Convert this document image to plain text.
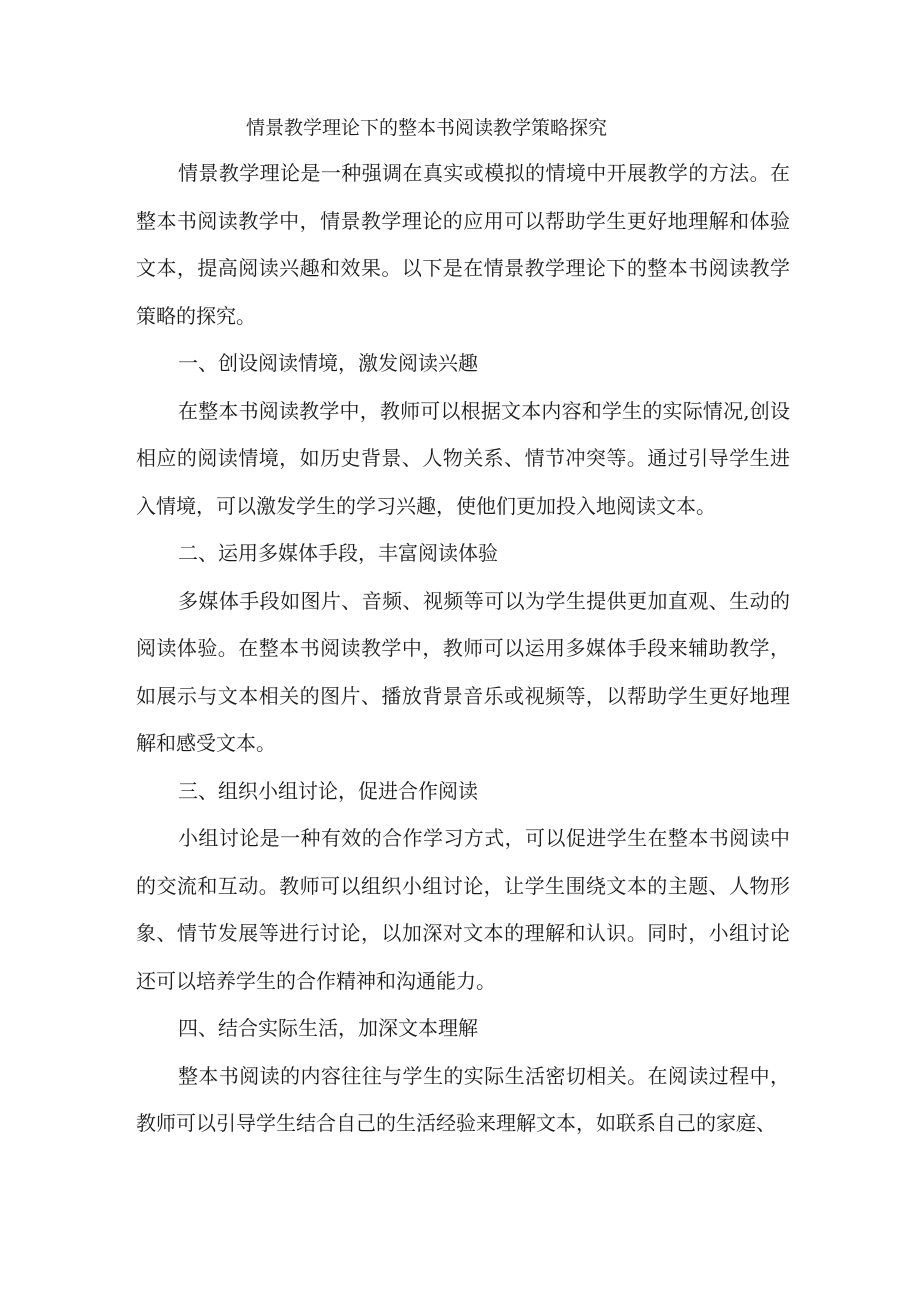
情景教学理论下的整本书阅读教学策略探究

情景教学理论是一种强调在真实或模拟的情境中开展教学的方法。在整本书阅读教学中，情景教学理论的应用可以帮助学生更好地理解和体验文本，提高阅读兴趣和效果。以下是在情景教学理论下的整本书阅读教学策略的探究。

一、创设阅读情境，激发阅读兴趣

在整本书阅读教学中，教师可以根据文本内容和学生的实际情况,创设相应的阅读情境，如历史背景、人物关系、情节冲突等。通过引导学生进入情境，可以激发学生的学习兴趣，使他们更加投入地阅读文本。

二、运用多媒体手段，丰富阅读体验

多媒体手段如图片、音频、视频等可以为学生提供更加直观、生动的阅读体验。在整本书阅读教学中，教师可以运用多媒体手段来辅助教学，如展示与文本相关的图片、播放背景音乐或视频等，以帮助学生更好地理解和感受文本。

三、组织小组讨论，促进合作阅读

小组讨论是一种有效的合作学习方式，可以促进学生在整本书阅读中的交流和互动。教师可以组织小组讨论，让学生围绕文本的主题、人物形象、情节发展等进行讨论，以加深对文本的理解和认识。同时，小组讨论还可以培养学生的合作精神和沟通能力。

四、结合实际生活，加深文本理解

整本书阅读的内容往往与学生的实际生活密切相关。在阅读过程中，教师可以引导学生结合自己的生活经验来理解文本，如联系自己的家庭、
